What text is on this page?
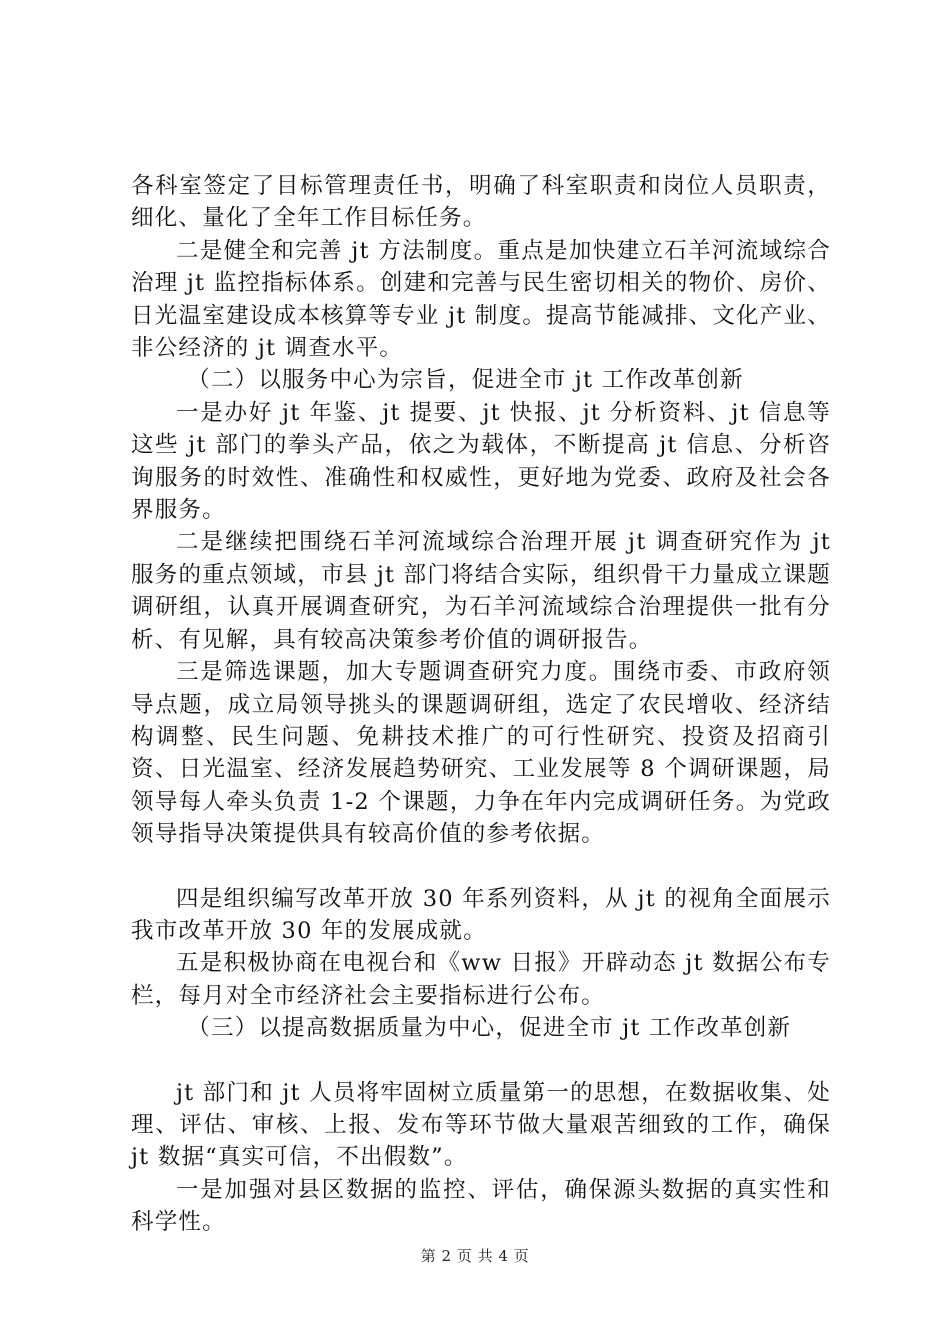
各科室签定了目标管理责任书，明确了科室职责和岗位人员职责，细化、量化了全年工作目标任务。

二是健全和完善 jt 方法制度。重点是加快建立石羊河流域综合治理 jt 监控指标体系。创建和完善与民生密切相关的物价、房价、日光温室建设成本核算等专业 jt 制度。提高节能减排、文化产业、非公经济的 jt 调查水平。

（二）以服务中心为宗旨，促进全市 jt 工作改革创新

一是办好 jt 年鉴、jt 提要、jt 快报、jt 分析资料、jt 信息等这些 jt 部门的拳头产品，依之为载体，不断提高 jt 信息、分析咨询服务的时效性、准确性和权威性，更好地为党委、政府及社会各界服务。

二是继续把围绕石羊河流域综合治理开展 jt 调查研究作为 jt 服务的重点领域，市县 jt 部门将结合实际，组织骨干力量成立课题调研组，认真开展调查研究，为石羊河流域综合治理提供一批有分析、有见解，具有较高决策参考价值的调研报告。

三是筛选课题，加大专题调查研究力度。围绕市委、市政府领导点题，成立局领导挑头的课题调研组，选定了农民增收、经济结构调整、民生问题、免耕技术推广的可行性研究、投资及招商引资、日光温室、经济发展趋势研究、工业发展等 8 个调研课题，局领导每人牵头负责 1-2 个课题，力争在年内完成调研任务。为党政领导指导决策提供具有较高价值的参考依据。

四是组织编写改革开放 30 年系列资料，从 jt 的视角全面展示我市改革开放 30 年的发展成就。

五是积极协商在电视台和《ww 日报》开辟动态 jt 数据公布专栏，每月对全市经济社会主要指标进行公布。

（三）以提高数据质量为中心，促进全市 jt 工作改革创新

jt 部门和 jt 人员将牢固树立质量第一的思想，在数据收集、处理、评估、审核、上报、发布等环节做大量艰苦细致的工作，确保 jt 数据“真实可信，不出假数”。

一是加强对县区数据的监控、评估，确保源头数据的真实性和科学性。

第 2 页 共 4 页
